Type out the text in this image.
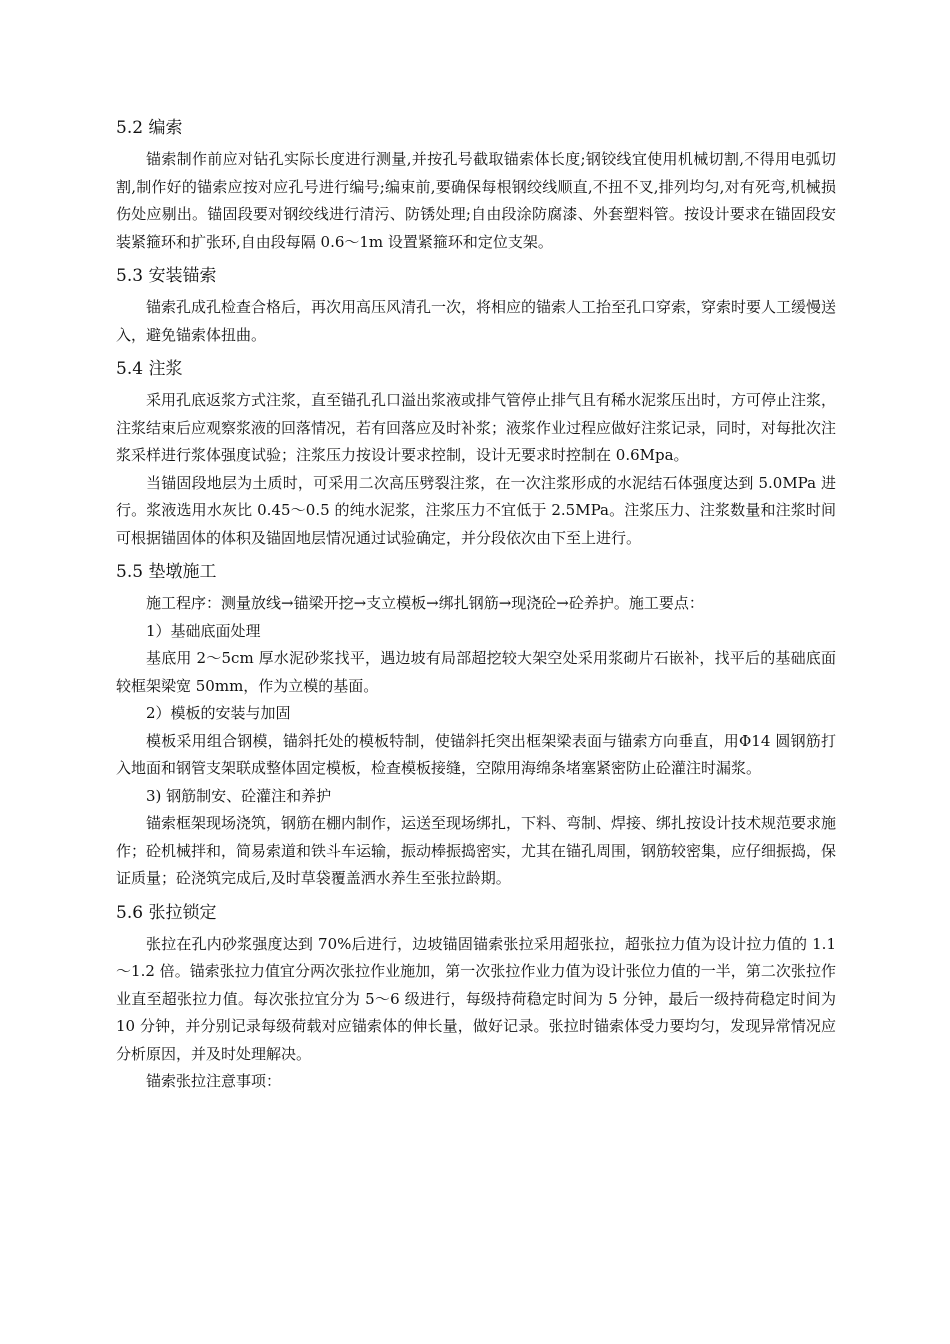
5.2 编索

锚索制作前应对钻孔实际长度进行测量,并按孔号截取锚索体长度;钢铰线宜使用机械切割,不得用电弧切割,制作好的锚索应按对应孔号进行编号;编束前,要确保每根钢绞线顺直,不扭不叉,排列均匀,对有死弯,机械损伤处应剔出。锚固段要对钢绞线进行清污、防锈处理;自由段涂防腐漆、外套塑料管。按设计要求在锚固段安装紧箍环和扩张环,自由段每隔 0.6～1m 设置紧箍环和定位支架。

5.3 安装锚索

锚索孔成孔检查合格后，再次用高压风清孔一次，将相应的锚索人工抬至孔口穿索，穿索时要人工缓慢送入，避免锚索体扭曲。

5.4 注浆

采用孔底返浆方式注浆，直至锚孔孔口溢出浆液或排气管停止排气且有稀水泥浆压出时，方可停止注浆，注浆结束后应观察浆液的回落情况，若有回落应及时补浆；液浆作业过程应做好注浆记录，同时，对每批次注浆采样进行浆体强度试验；注浆压力按设计要求控制，设计无要求时控制在 0.6Mpa。

当锚固段地层为土质时，可采用二次高压劈裂注浆，在一次注浆形成的水泥结石体强度达到 5.0MPa 进行。浆液选用水灰比 0.45～0.5 的纯水泥浆，注浆压力不宜低于 2.5MPa。注浆压力、注浆数量和注浆时间可根据锚固体的体积及锚固地层情况通过试验确定，并分段依次由下至上进行。

5.5 垫墩施工

施工程序：测量放线→锚梁开挖→支立模板→绑扎钢筋→现浇砼→砼养护。施工要点：

1）基础底面处理

基底用 2～5cm 厚水泥砂浆找平，遇边坡有局部超挖较大架空处采用浆砌片石嵌补，找平后的基础底面较框架梁宽 50mm，作为立模的基面。

2）模板的安装与加固

模板采用组合钢模，锚斜托处的模板特制，使锚斜托突出框架梁表面与锚索方向垂直，用Φ14 圆钢筋打入地面和钢管支架联成整体固定模板，检查模板接缝，空隙用海绵条堵塞紧密防止砼灌注时漏浆。

3) 钢筋制安、砼灌注和养护

锚索框架现场浇筑，钢筋在棚内制作，运送至现场绑扎，下料、弯制、焊接、绑扎按设计技术规范要求施作；砼机械拌和，简易索道和铁斗车运输，振动棒振捣密实，尤其在锚孔周围，钢筋较密集，应仔细振捣，保证质量；砼浇筑完成后,及时草袋覆盖洒水养生至张拉龄期。

5.6 张拉锁定

张拉在孔内砂浆强度达到 70%后进行，边坡锚固锚索张拉采用超张拉，超张拉力值为设计拉力值的 1.1～1.2 倍。锚索张拉力值宜分两次张拉作业施加，第一次张拉作业力值为设计张位力值的一半，第二次张拉作业直至超张拉力值。每次张拉宜分为 5～6 级进行，每级持荷稳定时间为 5 分钟，最后一级持荷稳定时间为 10 分钟，并分别记录每级荷载对应锚索体的伸长量，做好记录。张拉时锚索体受力要均匀，发现异常情况应分析原因，并及时处理解决。

锚索张拉注意事项：
